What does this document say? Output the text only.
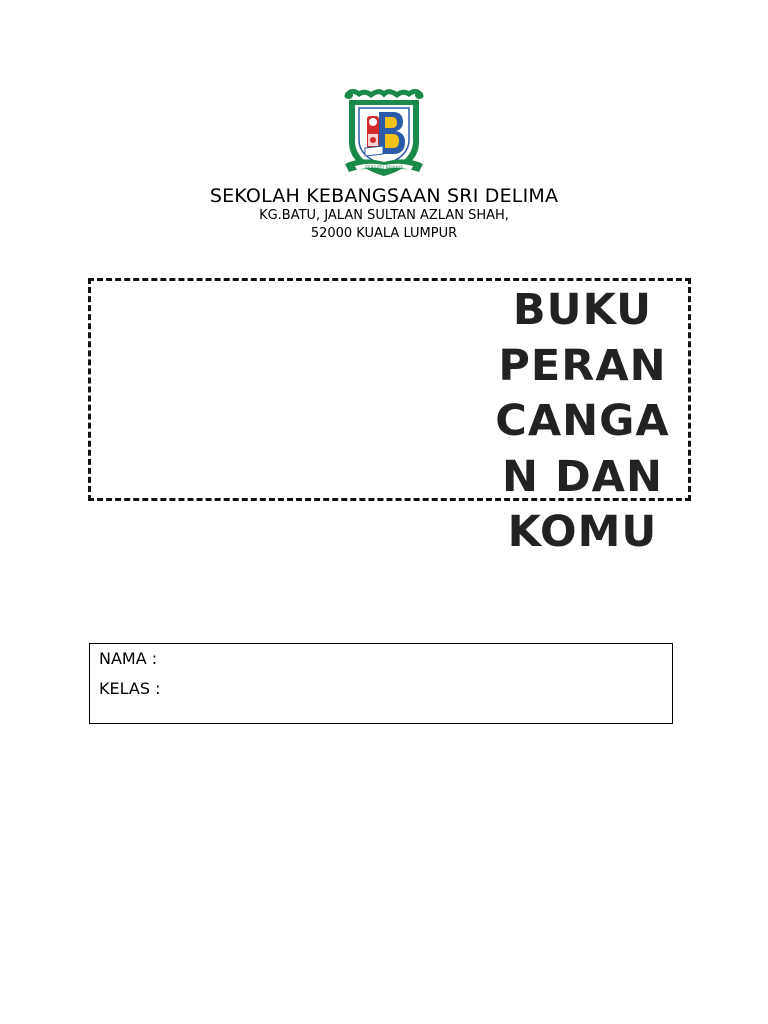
BERSATU BERJAYA
SEKOLAH KEBANGSAAN SRI DELIMA
KG.BATU, JALAN SULTAN AZLAN SHAH,
52000 KUALA LUMPUR
BUKU PERANCANGAN DAN KOMU
NAMA :
KELAS :
